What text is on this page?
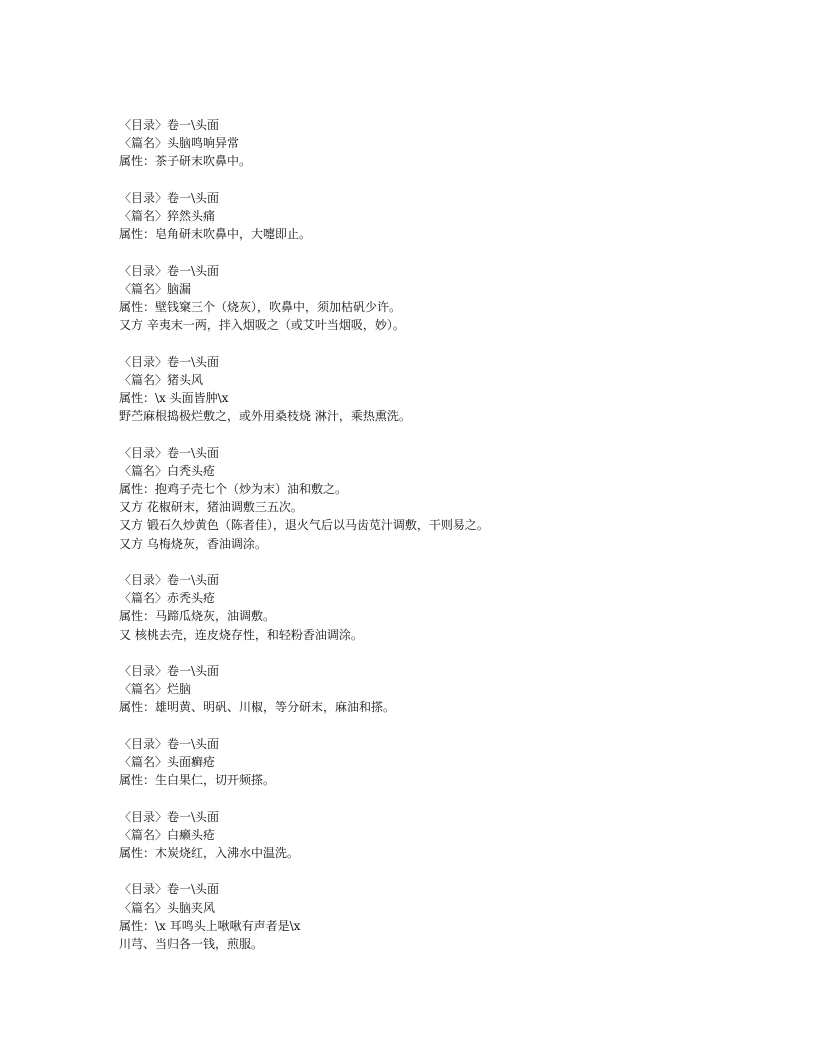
〈目录〉卷一\头面
〈篇名〉头脑鸣响异常
属性：茶子研末吹鼻中。
〈目录〉卷一\头面
〈篇名〉猝然头痛
属性：皂角研末吹鼻中，大嚏即止。
〈目录〉卷一\头面
〈篇名〉脑漏
属性：壁钱窠三个（烧灰），吹鼻中，须加枯矾少许。
又方 辛夷末一两，拌入烟吸之（或艾叶当烟吸，妙）。
〈目录〉卷一\头面
〈篇名〉猪头风
属性：\x 头面皆肿\x
野苎麻根捣极烂敷之，或外用桑枝烧 淋汁，乘热熏洗。
〈目录〉卷一\头面
〈篇名〉白秃头疮
属性：抱鸡子壳七个（炒为末）油和敷之。
又方 花椒研末，猪油调敷三五次。
又方 锻石久炒黄色（陈者佳），退火气后以马齿苋汁调敷，干则易之。
又方 乌梅烧灰，香油调涂。
〈目录〉卷一\头面
〈篇名〉赤秃头疮
属性：马蹄瓜烧灰，油调敷。
又 核桃去壳，连皮烧存性，和轻粉香油调涂。
〈目录〉卷一\头面
〈篇名〉烂脑
属性：雄明黄、明矾、川椒，等分研末，麻油和搽。
〈目录〉卷一\头面
〈篇名〉头面癣疮
属性：生白果仁，切开频搽。
〈目录〉卷一\头面
〈篇名〉白癞头疮
属性：木炭烧红，入沸水中温洗。
〈目录〉卷一\头面
〈篇名〉头脑夹风
属性：\x 耳鸣头上啾啾有声者是\x
川芎、当归各一钱，煎服。
